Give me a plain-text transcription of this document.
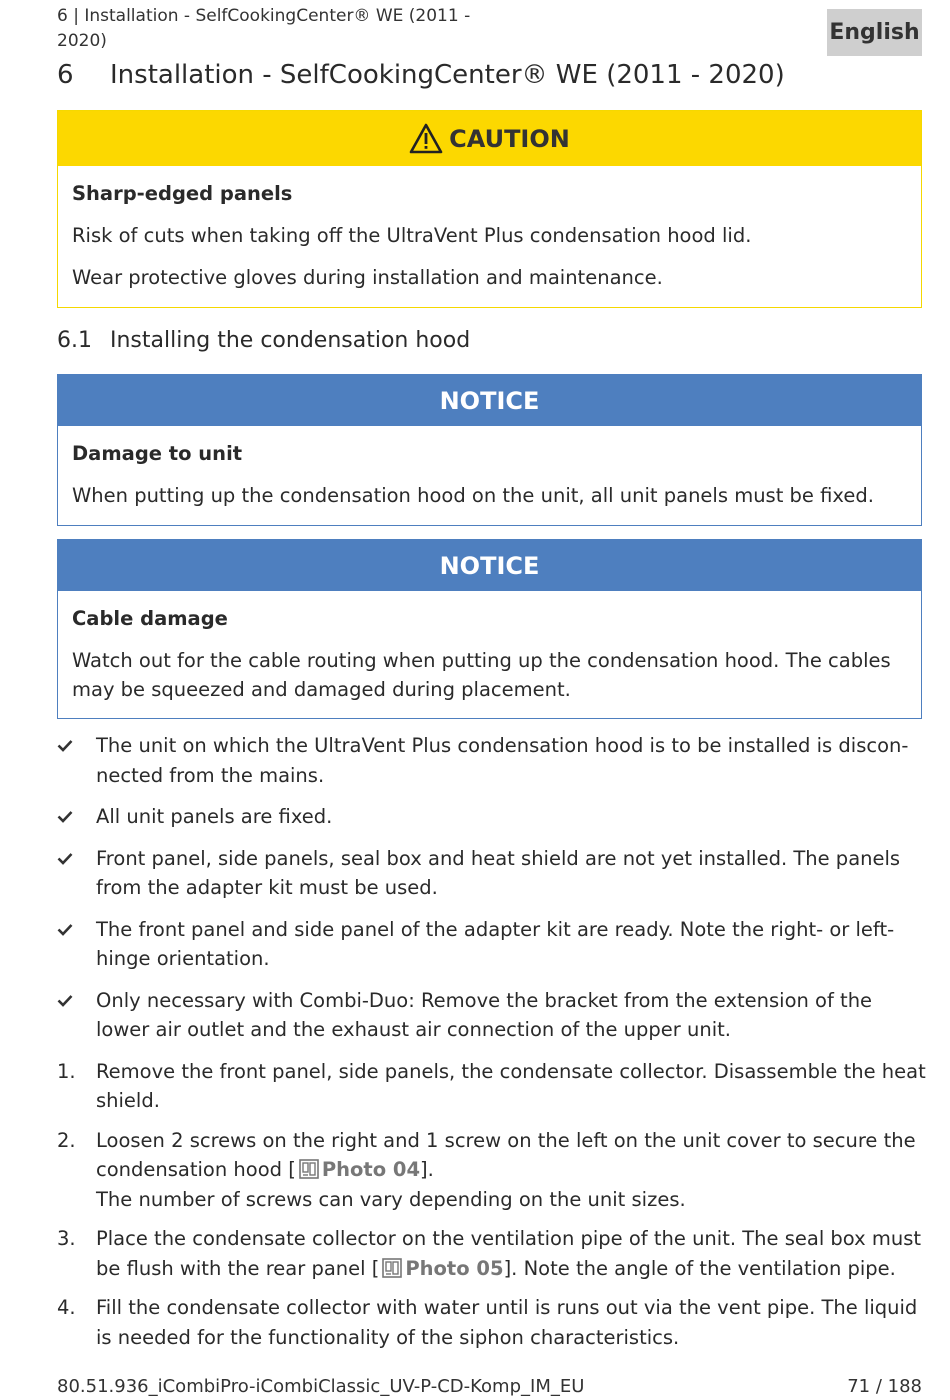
6 | Installation - SelfCookingCenter® WE (2011 - 2020)	English
6 Installation - SelfCookingCenter® WE (2011 - 2020)
CAUTION
Sharp-edged panels

Risk of cuts when taking off the UltraVent Plus condensation hood lid.

Wear protective gloves during installation and maintenance.

6.1 Installing the condensation hood
NOTICE
Damage to unit

When putting up the condensation hood on the unit, all unit panels must be fixed.

NOTICE
Cable damage

Watch out for the cable routing when putting up the condensation hood. The cables may be squeezed and damaged during placement.

The unit on which the UltraVent Plus condensation hood is to be installed is discon-nected from the mains.
All unit panels are fixed.
Front panel, side panels, seal box and heat shield are not yet installed. The panels from the adapter kit must be used.
The front panel and side panel of the adapter kit are ready. Note the right- or left-hinge orientation.
Only necessary with Combi-Duo: Remove the bracket from the extension of the lower air outlet and the exhaust air connection of the upper unit.
1.	Remove the front panel, side panels, the condensate collector. Disassemble the heat shield.
2.	Loosen 2 screws on the right and 1 screw on the left on the unit cover to secure the condensation hood [ Photo 04].
The number of screws can vary depending on the unit sizes.
3.	Place the condensate collector on the ventilation pipe of the unit. The seal box must be flush with the rear panel [ Photo 05]. Note the angle of the ventilation pipe.
4.	Fill the condensate collector with water until is runs out via the vent pipe. The liquid is needed for the functionality of the siphon characteristics.
80.51.936_iCombiPro-iCombiClassic_UV-P-CD-Komp_IM_EU	71 / 188
